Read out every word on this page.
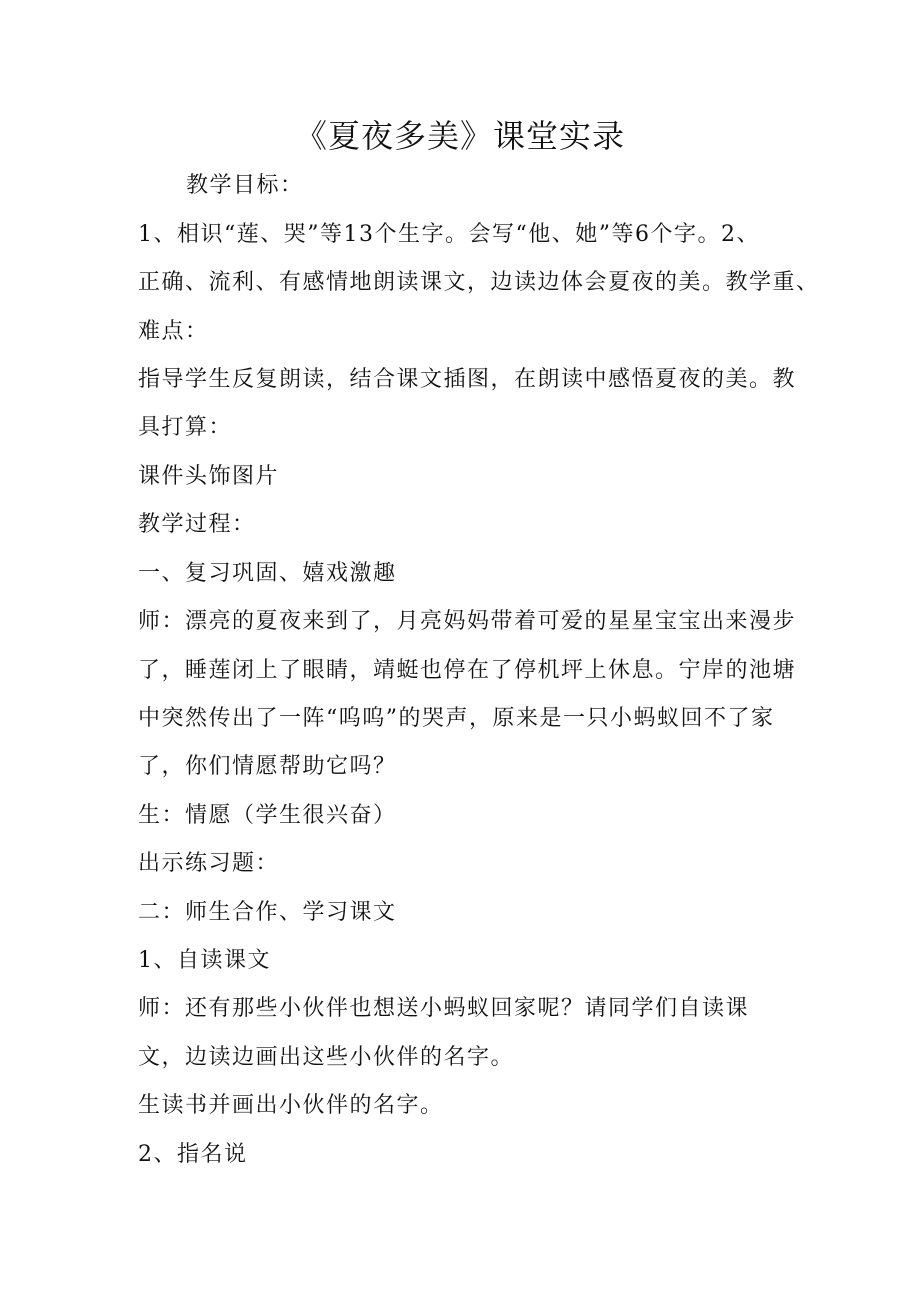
《夏夜多美》课堂实录
教学目标：
1、相识“莲、哭”等13个生字。会写“他、她”等6个字。2、
正确、流利、有感情地朗读课文，边读边体会夏夜的美。教学重、
难点：
指导学生反复朗读，结合课文插图，在朗读中感悟夏夜的美。教
具打算：
课件头饰图片
教学过程：
一、复习巩固、嬉戏激趣
师：漂亮的夏夜来到了，月亮妈妈带着可爱的星星宝宝出来漫步
了，睡莲闭上了眼睛，靖蜓也停在了停机坪上休息。宁岸的池塘
中突然传出了一阵“呜呜”的哭声，原来是一只小蚂蚁回不了家
了，你们情愿帮助它吗？
生：情愿（学生很兴奋）
出示练习题：
二：师生合作、学习课文
1、自读课文
师：还有那些小伙伴也想送小蚂蚁回家呢？请同学们自读课
文，边读边画出这些小伙伴的名字。
生读书并画出小伙伴的名字。
2、指名说
